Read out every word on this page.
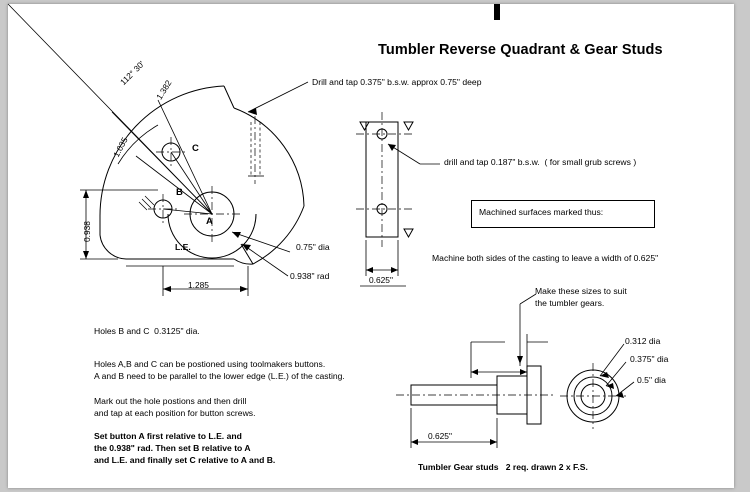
Tumbler Reverse Quadrant & Gear Studs
112° 30'
1.382
1.035
0.938
1.285
A
B
C
L.E.	0.75" dia
0.938" rad
Drill and tap 0.375" b.s.w. approx 0.75" deep
drill and tap 0.187" b.s.w.  ( for small grub screws )
Machined surfaces marked thus:
0.625"
Machine both sides of the casting to leave a width of 0.625"
Make these sizes to suit
the tumbler gears.
0.312 dia
0.375" dia
0.5" dia
0.625"
Tumbler Gear studs   2 req. drawn 2 x F.S.
Holes B and C  0.3125" dia.
Holes A,B and C can be postioned using toolmakers buttons.
A and B need to be parallel to the lower edge (L.E.) of the casting.
Mark out the hole postions and then drill
and tap at each position for button screws.
Set button A first relative to L.E. and
the 0.938" rad. Then set B relative to A
and L.E. and finally set C relative to A and B.
